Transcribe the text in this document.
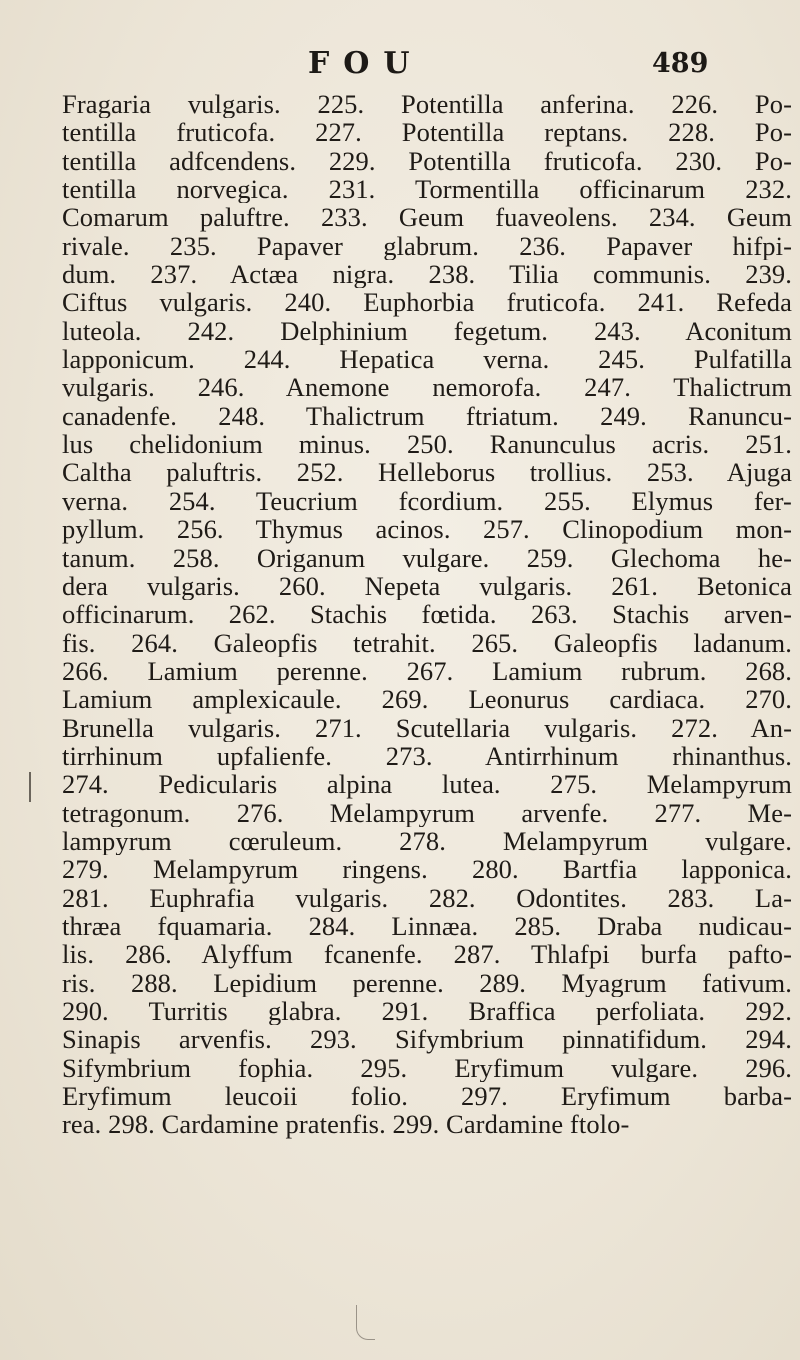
FOU	489
Fragaria vulgaris. 225. Potentilla anferina. 226. Po-
tentilla fruticofa. 227. Potentilla reptans. 228. Po-
tentilla adfcendens. 229. Potentilla fruticofa. 230. Po-
tentilla norvegica. 231. Tormentilla officinarum 232.
Comarum paluftre. 233. Geum fuaveolens. 234. Geum
rivale. 235. Papaver glabrum. 236. Papaver hifpi-
dum. 237. Actæa nigra. 238. Tilia communis. 239.
Ciftus vulgaris. 240. Euphorbia fruticofa. 241. Refeda
luteola. 242. Delphinium fegetum. 243. Aconitum
lapponicum. 244. Hepatica verna. 245. Pulfatilla
vulgaris. 246. Anemone nemorofa. 247. Thalictrum
canadenfe. 248. Thalictrum ftriatum. 249. Ranuncu-
lus chelidonium minus. 250. Ranunculus acris. 251.
Caltha paluftris. 252. Helleborus trollius. 253. Ajuga
verna. 254. Teucrium fcordium. 255. Elymus fer-
pyllum. 256. Thymus acinos. 257. Clinopodium mon-
tanum. 258. Origanum vulgare. 259. Glechoma he-
dera vulgaris. 260. Nepeta vulgaris. 261. Betonica
officinarum. 262. Stachis fœtida. 263. Stachis arven-
fis. 264. Galeopfis tetrahit. 265. Galeopfis ladanum.
266. Lamium perenne. 267. Lamium rubrum. 268.
Lamium amplexicaule. 269. Leonurus cardiaca. 270.
Brunella vulgaris. 271. Scutellaria vulgaris. 272. An-
tirrhinum upfalienfe. 273. Antirrhinum rhinanthus.
274. Pedicularis alpina lutea. 275. Melampyrum
tetragonum. 276. Melampyrum arvenfe. 277. Me-
lampyrum cœruleum. 278. Melampyrum vulgare.
279. Melampyrum ringens. 280. Bartfia lapponica.
281. Euphrafia vulgaris. 282. Odontites. 283. La-
thræa fquamaria. 284. Linnæa. 285. Draba nudicau-
lis. 286. Alyffum fcanenfe. 287. Thlafpi burfa pafto-
ris. 288. Lepidium perenne. 289. Myagrum fativum.
290. Turritis glabra. 291. Braffica perfoliata. 292.
Sinapis arvenfis. 293. Sifymbrium pinnatifidum. 294.
Sifymbrium fophia. 295. Eryfimum vulgare. 296.
Eryfimum leucoii folio. 297. Eryfimum barba-
rea. 298. Cardamine pratenfis. 299. Cardamine ftolo-
